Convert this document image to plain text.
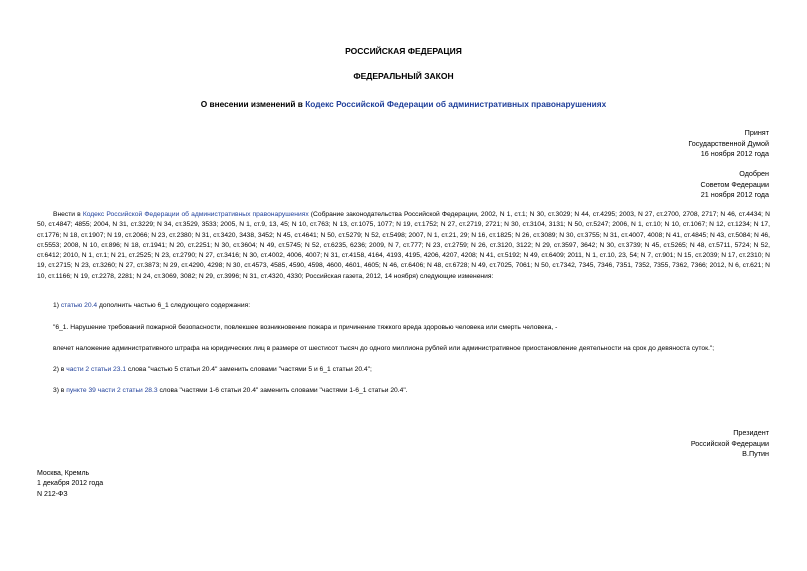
РОССИЙСКАЯ ФЕДЕРАЦИЯ
ФЕДЕРАЛЬНЫЙ ЗАКОН
О внесении изменений в Кодекс Российской Федерации об административных правонарушениях
Принят
Государственной Думой
16 ноября 2012 года
Одобрен
Советом Федерации
21 ноября 2012 года
Внести в Кодекс Российской Федерации об административных правонарушениях (Собрание законодательства Российской Федерации, 2002, N 1, ст.1; N 30, ст.3029; N 44, ст.4295; 2003, N 27, ст.2700, 2708, 2717; N 46, ст.4434; N 50, ст.4847; 4855; 2004, N 31, ст.3229; N 34, ст.3529, 3533; 2005, N 1, ст.9, 13, 45; N 10, ст.763; N 13, ст.1075, 1077; N 19, ст.1752; N 27, ст.2719, 2721; N 30, ст.3104, 3131; N 50, ст.5247; 2006, N 1, ст.10; N 10, ст.1067; N 12, ст.1234; N 17, ст.1776; N 18, ст.1907; N 19, ст.2066; N 23, ст.2380; N 31, ст.3420, 3438, 3452; N 45, ст.4641; N 50, ст.5279; N 52, ст.5498; 2007, N 1, ст.21, 29; N 16, ст.1825; N 26, ст.3089; N 30, ст.3755; N 31, ст.4007, 4008; N 41, ст.4845; N 43, ст.5084; N 46, ст.5553; 2008, N 10, ст.896; N 18, ст.1941; N 20, ст.2251; N 30, ст.3604; N 49, ст.5745; N 52, ст.6235, 6236; 2009, N 7, ст.777; N 23, ст.2759; N 26, ст.3120, 3122; N 29, ст.3597, 3642; N 30, ст.3739; N 45, ст.5265; N 48, ст.5711, 5724; N 52, ст.6412; 2010, N 1, ст.1; N 21, ст.2525; N 23, ст.2790; N 27, ст.3416; N 30, ст.4002, 4006, 4007; N 31, ст.4158, 4164, 4193, 4195, 4206, 4207, 4208; N 41, ст.5192; N 49, ст.6409; 2011, N 1, ст.10, 23, 54; N 7, ст.901; N 15, ст.2039; N 17, ст.2310; N 19, ст.2715; N 23, ст.3260; N 27, ст.3873; N 29, ст.4290, 4298; N 30, ст.4573, 4585, 4590, 4598, 4600, 4601, 4605; N 46, ст.6406; N 48, ст.6728; N 49, ст.7025, 7061; N 50, ст.7342, 7345, 7346, 7351, 7352, 7355, 7362, 7366; 2012, N 6, ст.621; N 10, ст.1166; N 19, ст.2278, 2281; N 24, ст.3069, 3082; N 29, ст.3996; N 31, ст.4320, 4330; Российская газета, 2012, 14 ноября) следующие изменения:
1) статью 20.4 дополнить частью 6_1 следующего содержания:
"6_1. Нарушение требований пожарной безопасности, повлекшее возникновение пожара и причинение тяжкого вреда здоровью человека или смерть человека, -
влечет наложение административного штрафа на юридических лиц в размере от шестисот тысяч до одного миллиона рублей или административное приостановление деятельности на срок до девяноста суток.";
2) в части 2 статьи 23.1 слова "частью 5 статьи 20.4" заменить словами "частями 5 и 6_1 статьи 20.4";
3) в пункте 39 части 2 статьи 28.3 слова "частями 1-6 статьи 20.4" заменить словами "частями 1-6_1 статьи 20.4".
Президент
Российской Федерации
В.Путин
Москва, Кремль
1 декабря 2012 года
N 212-ФЗ
